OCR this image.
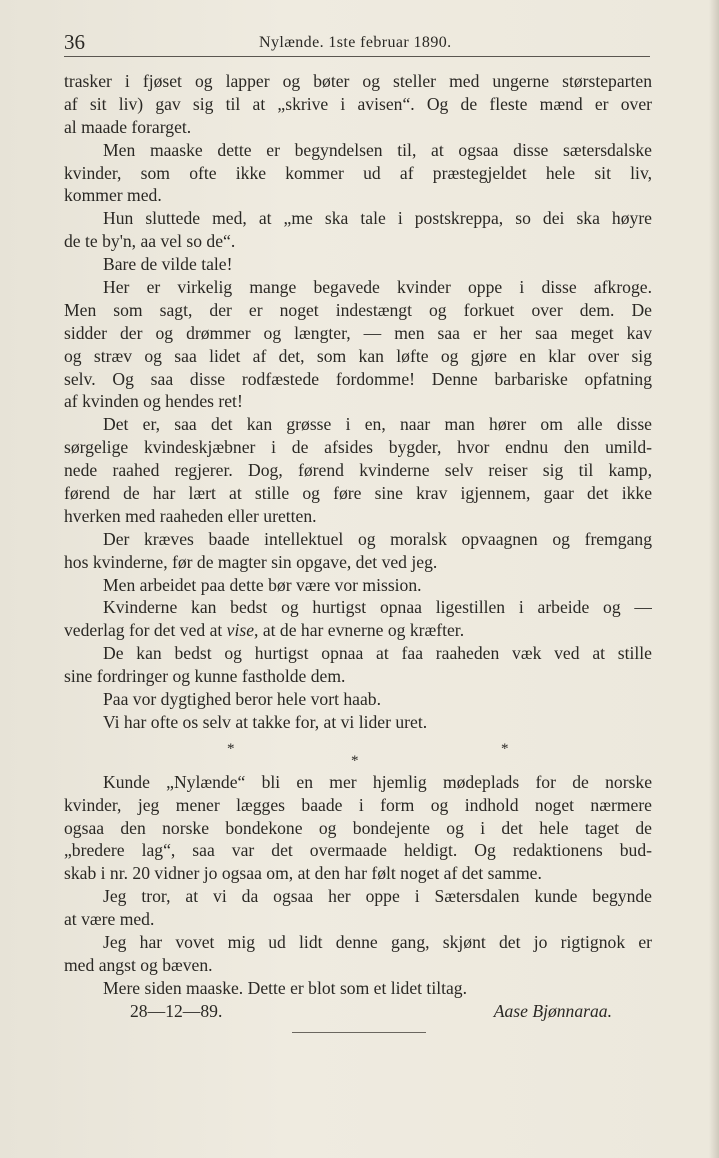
36	Nylænde. 1ste februar 1890.
trasker i fjøset og lapper og bøter og steller med ungerne størsteparten
af sit liv) gav sig til at „skrive i avisen“. Og de fleste mænd er over
al maade forarget.
Men maaske dette er begyndelsen til, at ogsaa disse sætersdalske
kvinder, som ofte ikke kommer ud af præstegjeldet hele sit liv,
kommer med.
Hun sluttede med, at „me ska tale i postskreppa, so dei ska høyre
de te by'n, aa vel so de“.
Bare de vilde tale!
Her er virkelig mange begavede kvinder oppe i disse afkroge.
Men som sagt, der er noget indestængt og forkuet over dem. De
sidder der og drømmer og længter, — men saa er her saa meget kav
og stræv og saa lidet af det, som kan løfte og gjøre en klar over sig
selv. Og saa disse rodfæstede fordomme! Denne barbariske opfatning
af kvinden og hendes ret!
Det er, saa det kan grøsse i en, naar man hører om alle disse
sørgelige kvindeskjæbner i de afsides bygder, hvor endnu den umild-
nede raahed regjerer. Dog, førend kvinderne selv reiser sig til kamp,
førend de har lært at stille og føre sine krav igjennem, gaar det ikke
hverken med raaheden eller uretten.
Der kræves baade intellektuel og moralsk opvaagnen og fremgang
hos kvinderne, før de magter sin opgave, det ved jeg.
Men arbeidet paa dette bør være vor mission.
Kvinderne kan bedst og hurtigst opnaa ligestillen i arbeide og —
vederlag for det ved at vise, at de har evnerne og kræfter.
De kan bedst og hurtigst opnaa at faa raaheden væk ved at stille
sine fordringer og kunne fastholde dem.
Paa vor dygtighed beror hele vort haab.
Vi har ofte os selv at takke for, at vi lider uret.
*	*
*
Kunde „Nylænde“ bli en mer hjemlig mødeplads for de norske
kvinder, jeg mener lægges baade i form og indhold noget nærmere
ogsaa den norske bondekone og bondejente og i det hele taget de
„bredere lag“, saa var det overmaade heldigt. Og redaktionens bud-
skab i nr. 20 vidner jo ogsaa om, at den har følt noget af det samme.
Jeg tror, at vi da ogsaa her oppe i Sætersdalen kunde begynde
at være med.
Jeg har vovet mig ud lidt denne gang, skjønt det jo rigtignok er
med angst og bæven.
Mere siden maaske. Dette er blot som et lidet tiltag.
28—12—89.	Aase Bjønnaraa.
